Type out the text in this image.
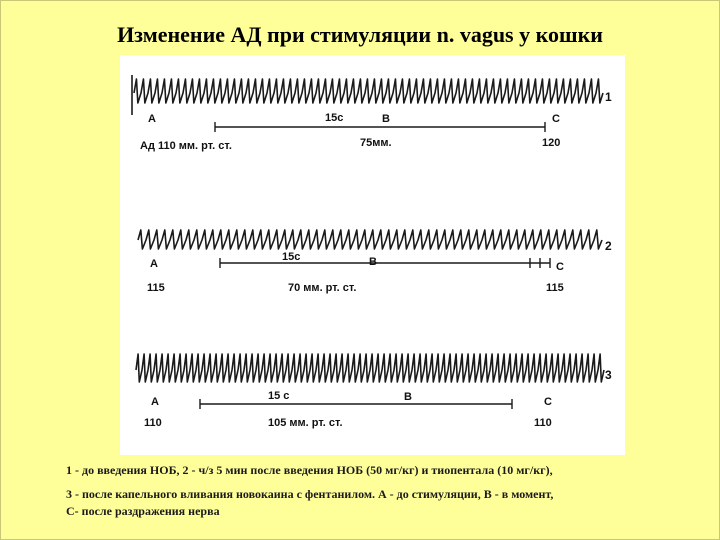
Изменение АД при стимуляции n. vagus у кошки
1
А	15с	В	С
Ад 110 мм. рт. ст.	75мм.	120
2
А
15с	В	С
115	70 мм. рт. ст.	115
3
А	15 с	В	С
110	105 мм. рт. ст.	110

1 - до введения НОБ, 2 - ч/з 5 мин после введения НОБ (50 мг/кг) и тиопентала (10 мг/кг),

3 - после капельного вливания новокаина с фентанилом. А - до стимуляции, В - в момент,

С- после раздражения нерва
